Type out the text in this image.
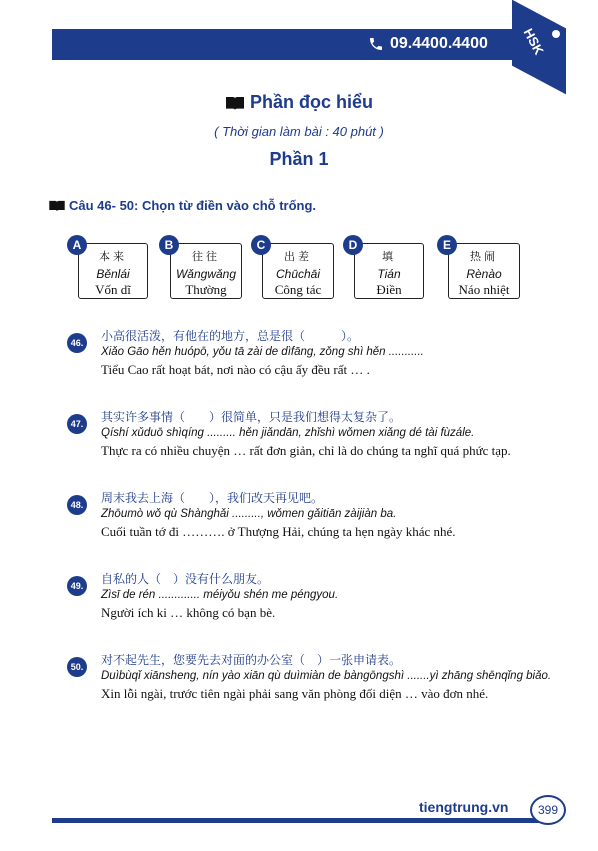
09.4400.4400	HSK
Phần đọc hiểu
( Thời gian làm bài : 40 phút )
Phần 1
Câu 46- 50: Chọn từ điền vào chỗ trống.
A
本来
Běnlái
Vốn dĩ
B
往往
Wǎngwǎng
Thường
C
出差
Chūchāi
Công tác
D
填
Tián
Điền
E
热闹
Rènào
Náo nhiệt
46.	小高很活泼，有他在的地方，总是很（　　　）。
Xiǎo Gāo hěn huópō, yǒu tā zài de dìfāng, zǒng shì hěn ...........
Tiểu Cao rất hoạt bát, nơi nào có cậu ấy đều rất … .
47.	其实许多事情（　　）很简单，只是我们想得太复杂了。
Qíshí xǔduō shìqíng ......... hěn jiǎndān, zhǐshì wǒmen xiǎng dé tài fùzále.
Thực ra có nhiều chuyện … rất đơn giản, chỉ là do chúng ta nghĩ quá phức tạp.
48.	周末我去上海（　　），我们改天再见吧。
Zhōumò wǒ qù Shànghǎi ........., wǒmen gǎitiān zàijiàn ba.
Cuối tuần tớ đi ………. ở Thượng Hải, chúng ta hẹn ngày khác nhé.
49.	自私的人（　）没有什么朋友。
Zìsī de rén ............. méiyǒu shén me péngyou.
Người ích ki … không có bạn bè.
50.	对不起先生，您要先去对面的办公室（　）一张申请表。
Duìbùqǐ xiānsheng, nín yào xiān qù duìmiàn de bàngōngshì .......yì zhāng shēnqǐng biǎo.
Xin lỗi ngài, trước tiên ngài phải sang văn phòng đối diện … vào đơn nhé.
tiengtrung.vn	399
